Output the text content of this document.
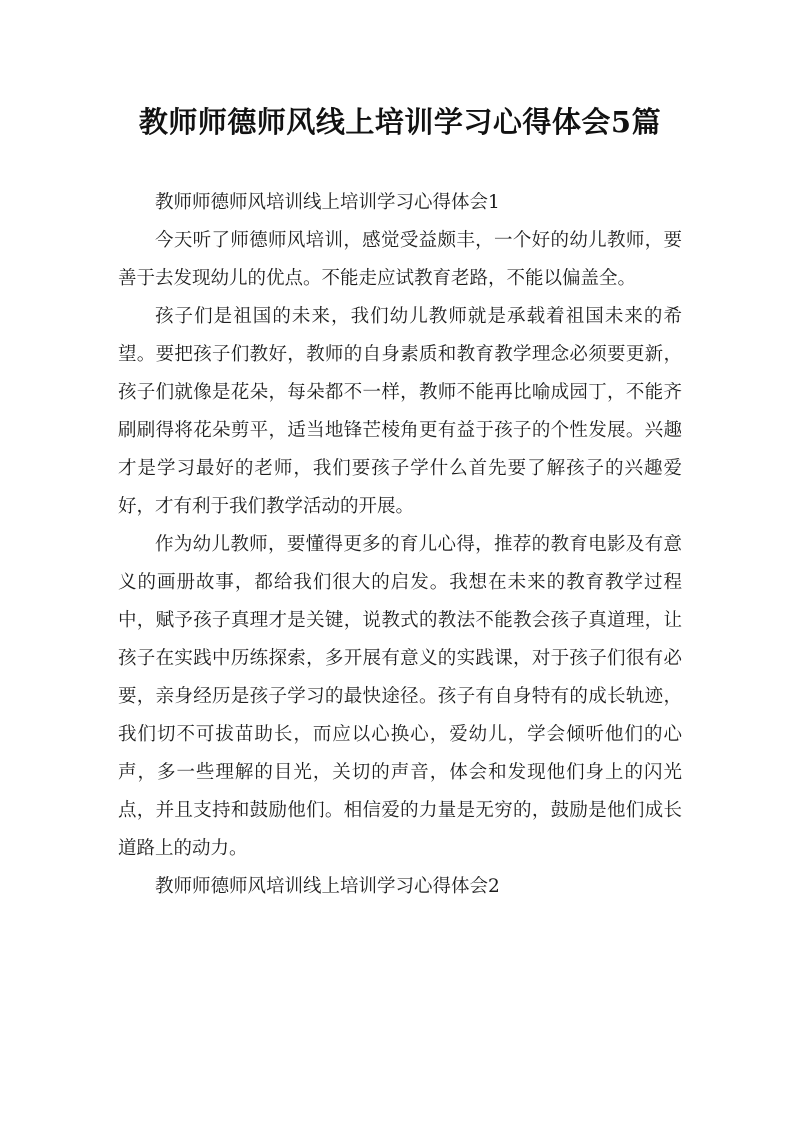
教师师德师风线上培训学习心得体会5篇

教师师德师风培训线上培训学习心得体会1

今天听了师德师风培训，感觉受益颇丰，一个好的幼儿教师，要善于去发现幼儿的优点。不能走应试教育老路，不能以偏盖全。

孩子们是祖国的未来，我们幼儿教师就是承载着祖国未来的希望。要把孩子们教好，教师的自身素质和教育教学理念必须要更新，孩子们就像是花朵，每朵都不一样，教师不能再比喻成园丁，不能齐刷刷得将花朵剪平，适当地锋芒棱角更有益于孩子的个性发展。兴趣才是学习最好的老师，我们要孩子学什么首先要了解孩子的兴趣爱好，才有利于我们教学活动的开展。

作为幼儿教师，要懂得更多的育儿心得，推荐的教育电影及有意义的画册故事，都给我们很大的启发。我想在未来的教育教学过程中，赋予孩子真理才是关键，说教式的教法不能教会孩子真道理，让孩子在实践中历练探索，多开展有意义的实践课，对于孩子们很有必要，亲身经历是孩子学习的最快途径。孩子有自身特有的成长轨迹，我们切不可拔苗助长，而应以心换心，爱幼儿，学会倾听他们的心声，多一些理解的目光，关切的声音，体会和发现他们身上的闪光点，并且支持和鼓励他们。相信爱的力量是无穷的，鼓励是他们成长道路上的动力。

教师师德师风培训线上培训学习心得体会2
